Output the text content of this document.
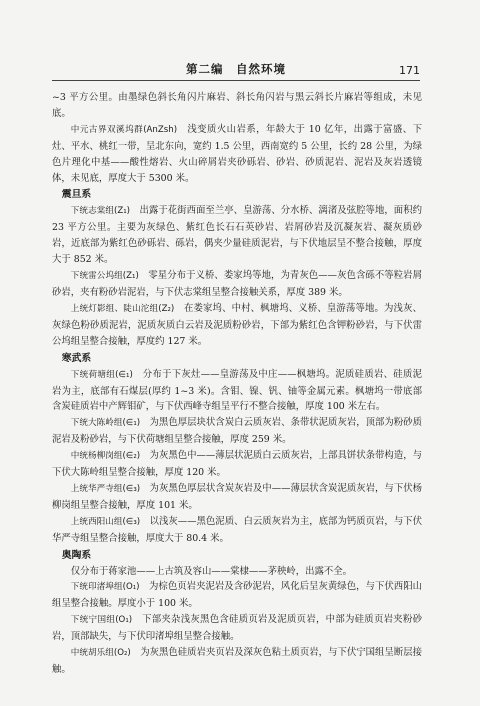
第二编　自然环境	171

~3 平方公里。由墨绿色斜长角闪片麻岩、斜长角闪岩与黑云斜长片麻岩等组成，未见底。

中元古界双溪坞群(AnZsh)　浅变质火山岩系，年龄大于 10 亿年，出露于富盛、下灶、平水、桃红一带，呈北东向，宽约 1.5 公里，西南宽约 5 公里，长约 28 公里，为绿色片理化中基——酸性熔岩、火山碎屑岩夹砂砾岩、砂岩、砂质泥岩、泥岩及灰岩透镜体，未见底，厚度大于 5300 米。

震旦系

下统志棠组(Z₁)　出露于花街西面至兰亭、皇游荡、分水桥、漓渚及弦腔等地，面积约 23 平方公里。主要为灰绿色、紫红色长石石英砂岩、岩屑砂岩及沉凝灰岩、凝灰质砂岩，近底部为紫红色砂砾岩、砾岩，偶夹少量硅质泥岩，与下伏地层呈不整合接触，厚度大于 852 米。

下统雷公坞组(Z₁)　零星分布于义桥、娄家坞等地，为青灰色——灰色含砾不等粒岩屑砂岩，夹有粉砂岩泥岩，与下伏志棠组呈整合接触关系，厚度 389 米。

上统灯影组、陡山沱组(Z₂)　在娄家坞、中村、枫塘坞、义桥、皇游荡等地。为浅灰、灰绿色粉砂质泥岩，泥质灰质白云岩及泥质粉砂岩，下部为紫红色含钾粉砂岩，与下伏雷公坞组呈整合接触，厚度约 127 米。

寒武系

下统荷塘组(∈₁)　分布于下灰灶——皇游荡及中庄——枫塘坞。泥质硅质岩、硅质泥岩为主，底部有石煤层(厚约 1~3 米)。含钼、镍、钒、铀等金属元素。枫塘坞一带底部含炭硅质岩中产辉钼矿，与下伏西峰寺组呈平行不整合接触，厚度 100 米左右。

下统大陈岭组(∈₁)　为黑色厚层块状含炭白云质灰岩、条带状泥质灰岩，顶部为粉砂质泥岩及粉砂岩，与下伏荷塘组呈整合接触，厚度 259 米。

中统杨柳岗组(∈₂)　为灰黑色中——薄层状泥质白云质灰岩，上部具饼状条带构造，与下伏大陈岭组呈整合接触，厚度 120 米。

上统华严寺组(∈₃)　为灰黑色厚层状含炭灰岩及中——薄层状含炭泥质灰岩，与下伏杨柳岗组呈整合接触，厚度 101 米。

上统西阳山组(∈₃)　以浅灰——黑色泥质、白云质灰岩为主，底部为钙质页岩，与下伏华严寺组呈整合接触，厚度大于 80.4 米。

奥陶系

仅分布于蒋家池——上古筑及容山——棠棣——茅秧岭，出露不全。

下统印渚埠组(O₁)　为棕色页岩夹泥岩及含砂泥岩，风化后呈灰黄绿色，与下伏西阳山组呈整合接触。厚度小于 100 米。

下统宁国组(O₁)　下部夹杂浅灰黑色含硅质页岩及泥质页岩，中部为硅质页岩夹粉砂岩，顶部缺失，与下伏印渚埠组呈整合接触。

中统胡乐组(O₂)　为灰黑色硅质岩夹页岩及深灰色粘土质页岩，与下伏宁国组呈断层接触。
